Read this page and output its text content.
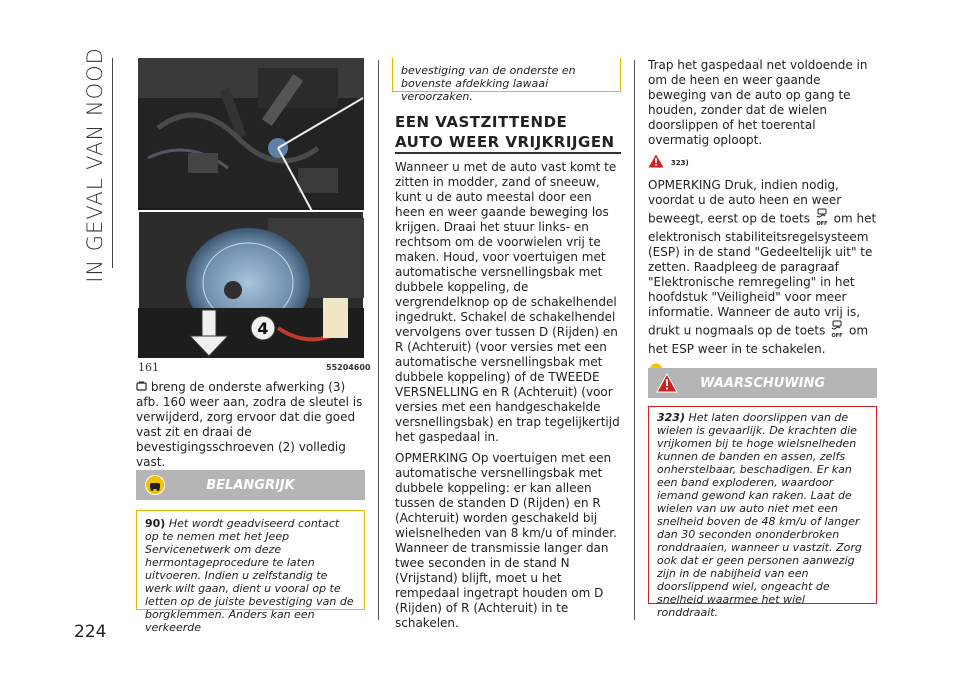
IN GEVAL VAN NOOD
224
4
161	55204600

breng de onderste afwerking (3) afb. 160 weer aan, zodra de sleutel is verwijderd, zorg ervoor dat die goed vast zit en draai de bevestigingsschroeven (2) volledig vast.

BELANGRIJK
90) Het wordt geadviseerd contact op te nemen met het Jeep Servicenetwerk om deze hermontageprocedure te laten uitvoeren. Indien u zelfstandig te werk wilt gaan, dient u vooral op te letten op de juiste bevestiging van de borgklemmen. Anders kan een verkeerde
bevestiging van de onderste en bovenste afdekking lawaai veroorzaken.
EEN VASTZITTENDE AUTO WEER VRIJKRIJGEN

Wanneer u met de auto vast komt te zitten in modder, zand of sneeuw, kunt u de auto meestal door een heen en weer gaande beweging los krijgen. Draai het stuur links- en rechtsom om de voorwielen vrij te maken. Houd, voor voertuigen met automatische versnellingsbak met dubbele koppeling, de vergrendelknop op de schakelhendel ingedrukt. Schakel de schakelhendel vervolgens over tussen D (Rijden) en R (Achteruit) (voor versies met een automatische versnellingsbak met dubbele koppeling) of de TWEEDE VERSNELLING en R (Achteruit) (voor versies met een handgeschakelde versnellingsbak) en trap tegelijkertijd het gaspedaal in.

OPMERKING Op voertuigen met een automatische versnellingsbak met dubbele koppeling: er kan alleen tussen de standen D (Rijden) en R (Achteruit) worden geschakeld bij wielsnelheden van 8 km/u of minder. Wanneer de transmissie langer dan twee seconden in de stand N (Vrijstand) blijft, moet u het rempedaal ingetrapt houden om D (Rijden) of R (Achteruit) in te schakelen.

Trap het gaspedaal net voldoende in om de heen en weer gaande beweging van de auto op gang te houden, zonder dat de wielen doorslippen of het toerental overmatig oploopt.

323)

OPMERKING Druk, indien nodig, voordat u de auto heen en weer beweegt, eerst op de toets OFF om het elektronisch stabiliteitsregelsysteem (ESP) in de stand "Gedeeltelijk uit" te zetten. Raadpleeg de paragraaf "Elektronische remregeling" in het hoofdstuk "Veiligheid" voor meer informatie. Wanneer de auto vrij is, drukt u nogmaals op de toets OFF om het ESP weer in te schakelen.

WAARSCHUWING
323) Het laten doorslippen van de wielen is gevaarlijk. De krachten die vrijkomen bij te hoge wielsnelheden kunnen de banden en assen, zelfs onherstelbaar, beschadigen. Er kan een band exploderen, waardoor iemand gewond kan raken. Laat de wielen van uw auto niet met een snelheid boven de 48 km/u of langer dan 30 seconden ononderbroken ronddraaien, wanneer u vastzit. Zorg ook dat er geen personen aanwezig zijn in de nabijheid van een doorslippend wiel, ongeacht de snelheid waarmee het wiel ronddraait.
